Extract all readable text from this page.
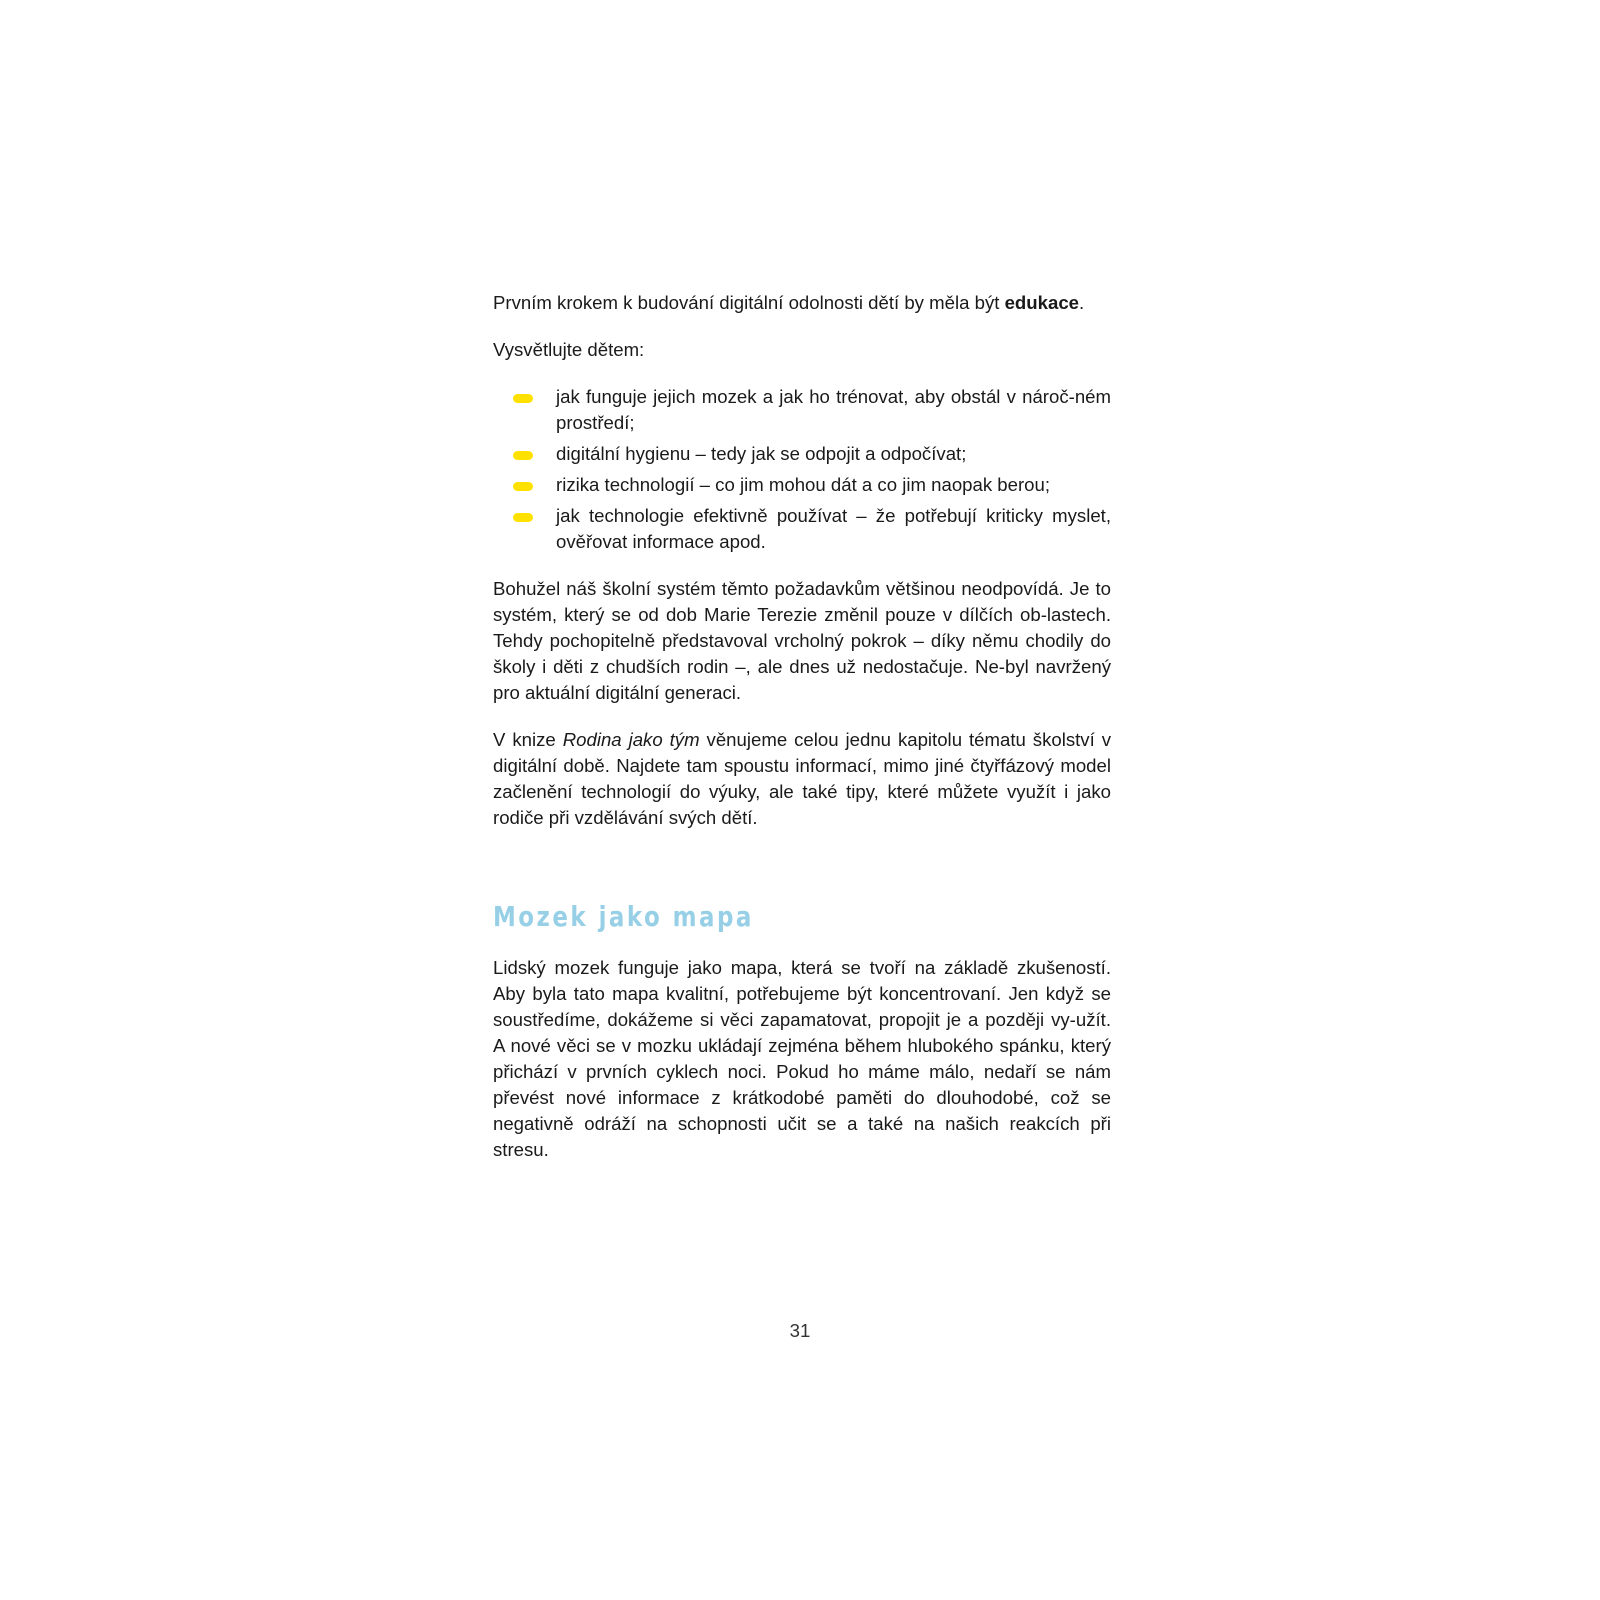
Prvním krokem k budování digitální odolnosti dětí by měla být edukace.

Vysvětlujte dětem:

jak funguje jejich mozek a jak ho trénovat, aby obstál v nároč-ném prostředí;
digitální hygienu – tedy jak se odpojit a odpočívat;
rizika technologií – co jim mohou dát a co jim naopak berou;
jak technologie efektivně používat – že potřebují kriticky myslet, ověřovat informace apod.

Bohužel náš školní systém těmto požadavkům většinou neodpovídá. Je to systém, který se od dob Marie Terezie změnil pouze v dílčích ob-lastech. Tehdy pochopitelně představoval vrcholný pokrok – díky němu chodily do školy i děti z chudších rodin –, ale dnes už nedostačuje. Ne-byl navržený pro aktuální digitální generaci.

V knize Rodina jako tým věnujeme celou jednu kapitolu tématu školství v digitální době. Najdete tam spoustu informací, mimo jiné čtyřfázový model začlenění technologií do výuky, ale také tipy, které můžete využít i jako rodiče při vzdělávání svých dětí.

Mozek jako mapa

Lidský mozek funguje jako mapa, která se tvoří na základě zkušeností. Aby byla tato mapa kvalitní, potřebujeme být koncentrovaní. Jen když se soustředíme, dokážeme si věci zapamatovat, propojit je a později vy-užít. A nové věci se v mozku ukládají zejména během hlubokého spánku, který přichází v prvních cyklech noci. Pokud ho máme málo, nedaří se nám převést nové informace z krátkodobé paměti do dlouhodobé, což se negativně odráží na schopnosti učit se a také na našich reakcích při stresu.

31
